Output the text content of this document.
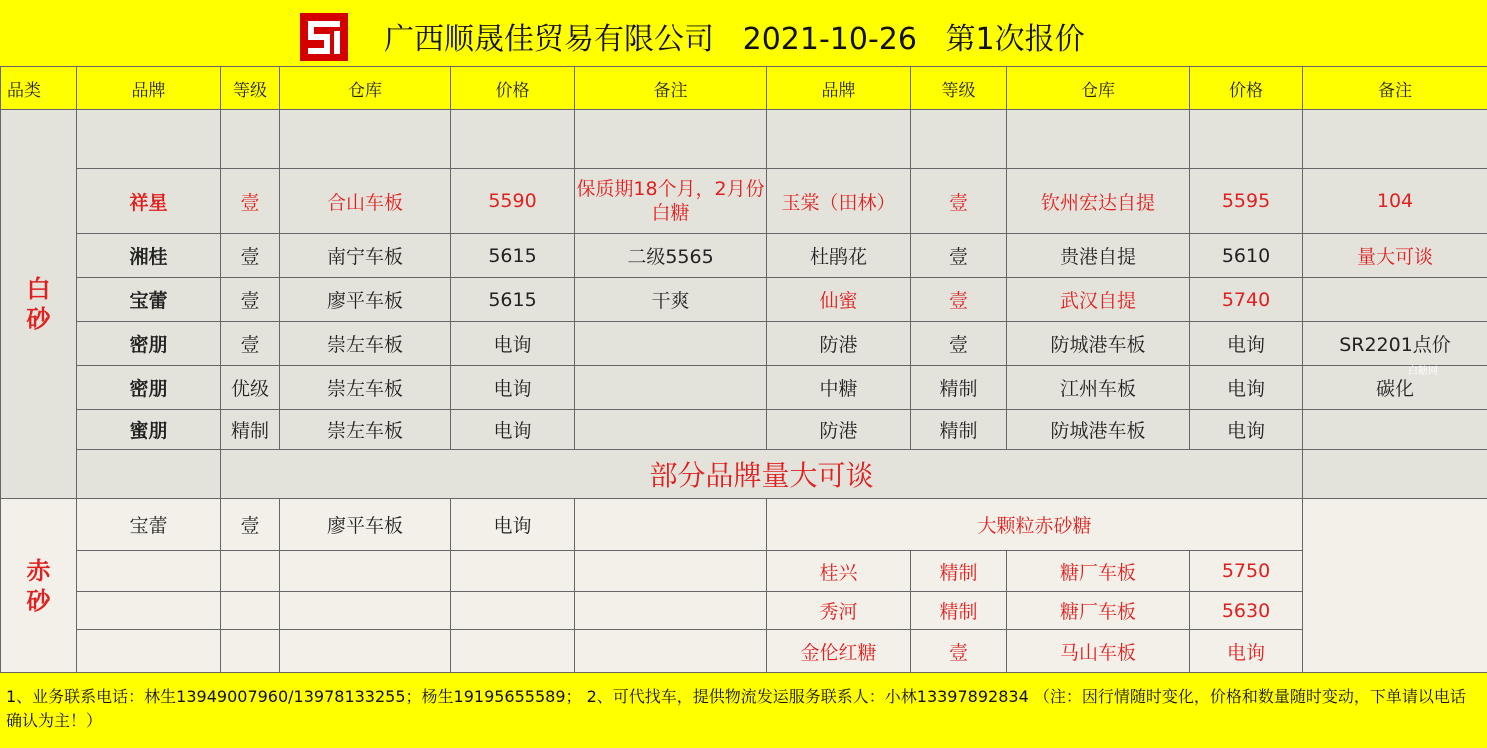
广西顺晟佳贸易有限公司   2021-10-26   第1次报价
品类	品牌	等级	仓库	价格	备注	品牌	等级	仓库	价格	备注
白砂										
	祥星	壹	合山车板	5590	保质期18个月，2月份白糖	玉棠（田林）	壹	钦州宏达自提	5595	104
	湘桂	壹	南宁车板	5615	二级5565	杜鹃花	壹	贵港自提	5610	量大可谈
	宝蕾	壹	廖平车板	5615	干爽	仙蜜	壹	武汉自提	5740	
	密朋	壹	崇左车板	电询		防港	壹	防城港车板	电询	SR2201点价
	密朋	优级	崇左车板	电询		中糖	精制	江州车板	电询	碳化
	蜜朋	精制	崇左车板	电询		防港	精制	防城港车板	电询	
		部分品牌量大可谈								
赤砂	宝蕾	壹	廖平车板	电询		大颗粒赤砂糖				
						桂兴	精制	糖厂车板	5750	
						秀河	精制	糖厂车板	5630	
						金伦红糖	壹	马山车板	电询	
白糖网
1、业务联系电话：林生13949007960/13978133255；杨生19195655589； 2、可代找车，提供物流发运服务联系人：小林13397892834 （注：因行情随时变化，价格和数量随时变动，下单请以电话确认为主！）
